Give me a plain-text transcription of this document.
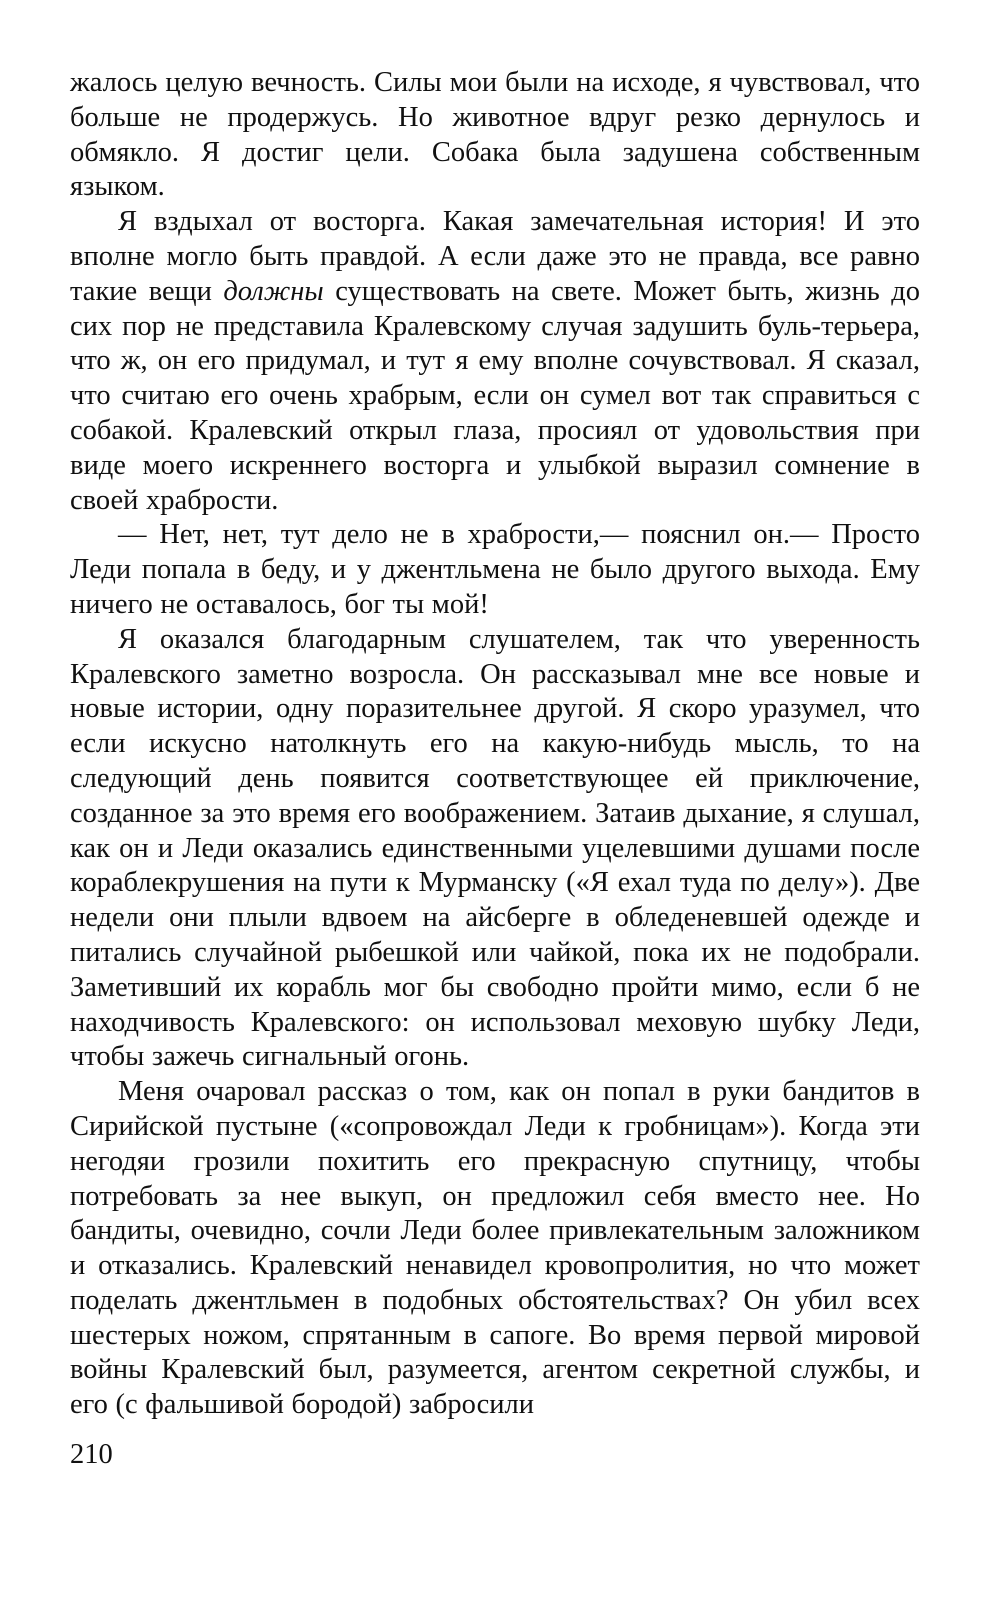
жалось целую вечность. Силы мои были на исходе, я чувствовал, что больше не продержусь. Но животное вдруг резко дернулось и обмякло. Я достиг цели. Собака была задушена собственным языком.

Я вздыхал от восторга. Какая замечательная история! И это вполне могло быть правдой. А если даже это не правда, все равно такие вещи должны существовать на свете. Может быть, жизнь до сих пор не представила Кралевскому случая задушить буль-терьера, что ж, он его придумал, и тут я ему вполне сочувствовал. Я сказал, что считаю его очень храбрым, если он сумел вот так справиться с собакой. Кралевский открыл глаза, просиял от удовольствия при виде моего искреннего восторга и улыбкой выразил сомнение в своей храбрости.

— Нет, нет, тут дело не в храбрости,— пояснил он.— Просто Леди попала в беду, и у джентльмена не было другого выхода. Ему ничего не оставалось, бог ты мой!

Я оказался благодарным слушателем, так что уверенность Кралевского заметно возросла. Он рассказывал мне все новые и новые истории, одну поразительнее другой. Я скоро уразумел, что если искусно натолкнуть его на какую-нибудь мысль, то на следующий день появится соответствующее ей приключение, созданное за это время его воображением. Затаив дыхание, я слушал, как он и Леди оказались единственными уцелевшими душами после кораблекрушения на пути к Мурманску («Я ехал туда по делу»). Две недели они плыли вдвоем на айсберге в обледеневшей одежде и питались случайной рыбешкой или чайкой, пока их не подобрали. Заметивший их корабль мог бы свободно пройти мимо, если б не находчивость Кралевского: он использовал меховую шубку Леди, чтобы зажечь сигнальный огонь.

Меня очаровал рассказ о том, как он попал в руки бандитов в Сирийской пустыне («сопровождал Леди к гробницам»). Когда эти негодяи грозили похитить его прекрасную спутницу, чтобы потребовать за нее выкуп, он предложил себя вместо нее. Но бандиты, очевидно, сочли Леди более привлекательным заложником и отказались. Кралевский ненавидел кровопролития, но что может поделать джентльмен в подобных обстоятельствах? Он убил всех шестерых ножом, спрятанным в сапоге. Во время первой мировой войны Кралевский был, разумеется, агентом секретной службы, и его (с фальшивой бородой) забросили

210
